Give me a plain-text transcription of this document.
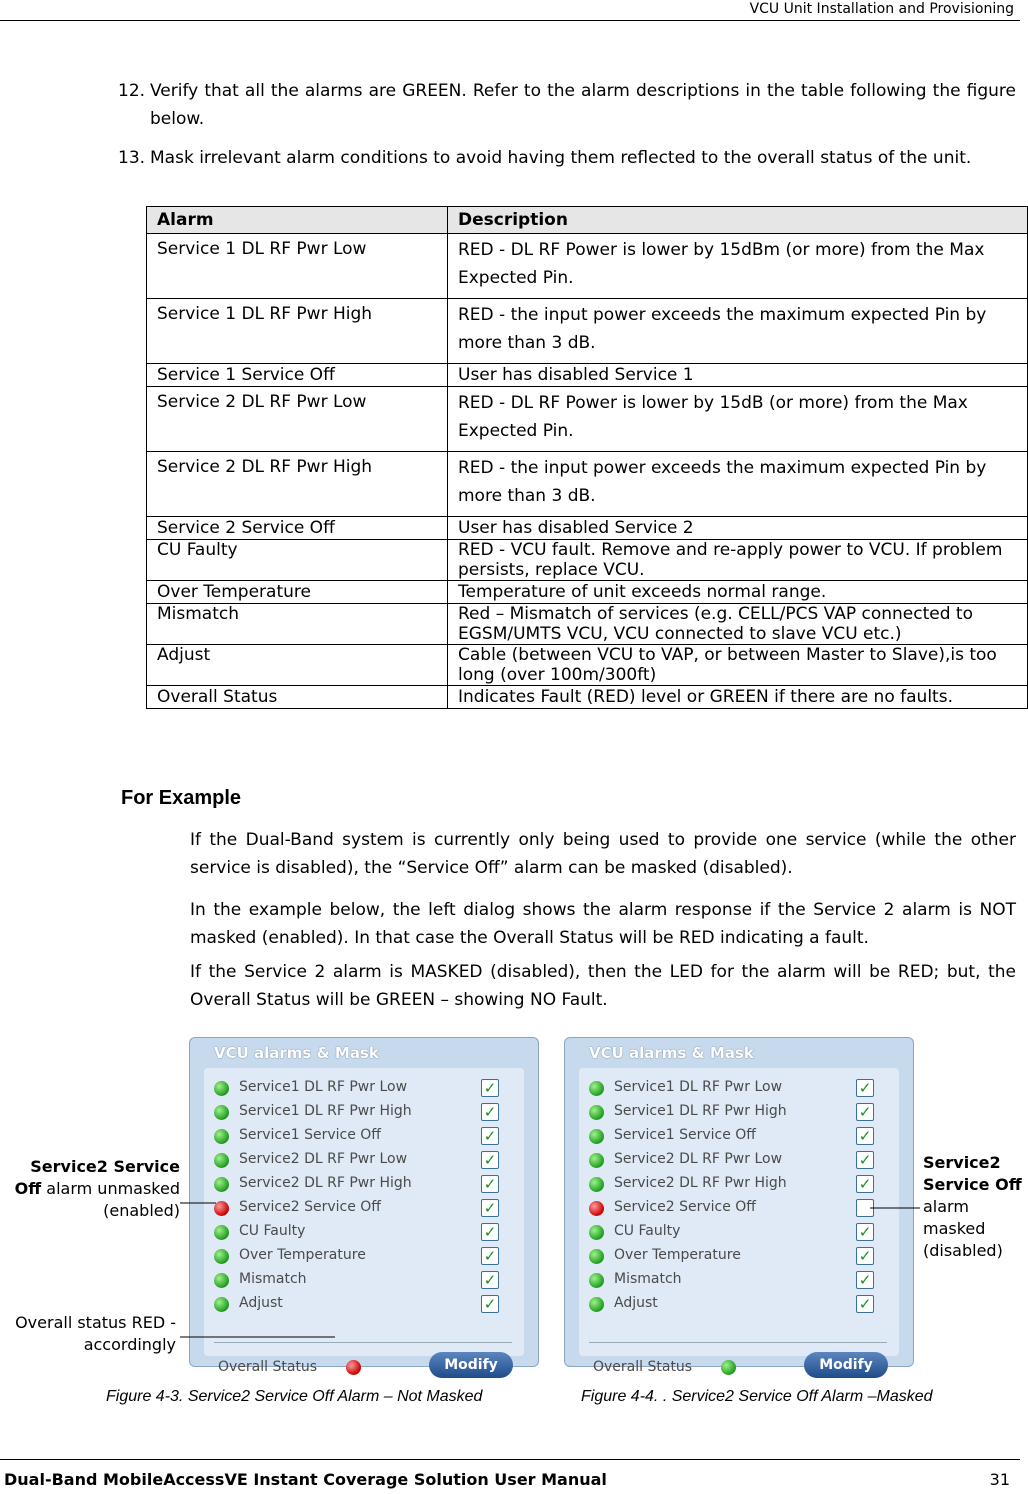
VCU Unit Installation and Provisioning
12. Verify that all the alarms are GREEN. Refer to the alarm descriptions in the table following the figure below.
13. Mask irrelevant alarm conditions to avoid having them reflected to the overall status of the unit.
Alarm	Description
Service 1 DL RF Pwr Low	RED - DL RF Power is lower by 15dBm (or more) from the Max Expected Pin.
Service 1 DL RF Pwr High	RED - the input power exceeds the maximum expected Pin by more than 3 dB.
Service 1 Service Off	User has disabled Service 1
Service 2 DL RF Pwr Low	RED - DL RF Power is lower by 15dB (or more) from the Max Expected Pin.
Service 2 DL RF Pwr High	RED - the input power exceeds the maximum expected Pin by more than 3 dB.
Service 2 Service Off	User has disabled Service 2
CU Faulty	RED - VCU fault. Remove and re-apply power to VCU. If problem persists, replace VCU.
Over Temperature	Temperature of unit exceeds normal range.
Mismatch	Red – Mismatch of services (e.g. CELL/PCS VAP connected to EGSM/UMTS VCU, VCU connected to slave VCU etc.)
Adjust	Cable (between VCU to VAP, or between Master to Slave),is too long (over 100m/300ft)
Overall Status	Indicates Fault (RED) level or GREEN if there are no faults.
For Example
If the Dual-Band system is currently only being used to provide one service (while the other service is disabled), the “Service Off” alarm can be masked (disabled).
In the example below, the left dialog shows the alarm response if the Service 2 alarm is NOT masked (enabled). In that case the Overall Status will be RED indicating a fault.
If the Service 2 alarm is MASKED (disabled), then the LED for the alarm will be RED; but, the Overall Status will be GREEN – showing NO Fault.
VCU alarms & Mask
Service1 DL RF Pwr Low	✓
Service1 DL RF Pwr High	✓
Service1 Service Off	✓
Service2 DL RF Pwr Low	✓
Service2 DL RF Pwr High	✓
Service2 Service Off	✓
CU Faulty	✓
Over Temperature	✓
Mismatch	✓
Adjust	✓
Overall Status	Modify
VCU alarms & Mask
Service1 DL RF Pwr Low	✓
Service1 DL RF Pwr High	✓
Service1 Service Off	✓
Service2 DL RF Pwr Low	✓
Service2 DL RF Pwr High	✓
Service2 Service Off
CU Faulty	✓
Over Temperature	✓
Mismatch	✓
Adjust	✓
Overall Status	Modify
Service2 Service Off alarm unmasked (enabled)
Overall status RED - accordingly
Service2 Service Off alarm masked (disabled)
Figure 4-3. Service2 Service Off Alarm – Not Masked	Figure 4-4. . Service2 Service Off Alarm –Masked
Dual-Band MobileAccessVE Instant Coverage Solution User Manual	31
